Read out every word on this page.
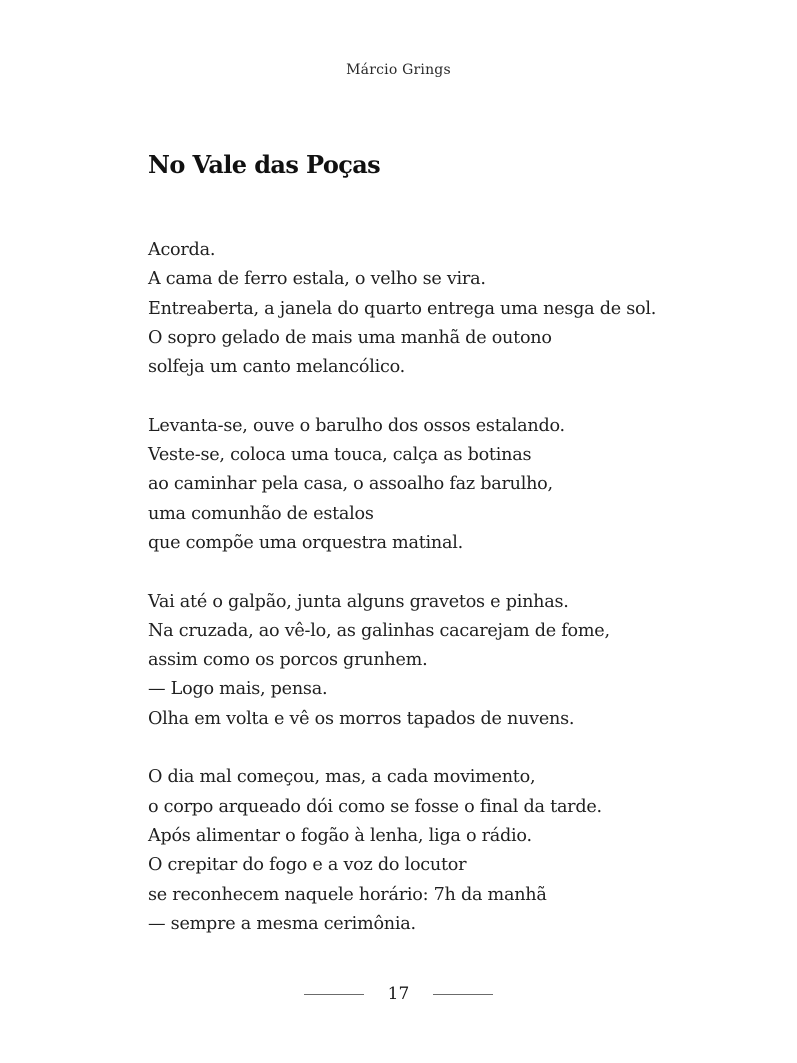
Márcio Grings
No Vale das Poças
Acorda.
A cama de ferro estala, o velho se vira.
Entreaberta, a janela do quarto entrega uma nesga de sol.
O sopro gelado de mais uma manhã de outono
solfeja um canto melancólico.
Levanta-se, ouve o barulho dos ossos estalando.
Veste-se, coloca uma touca, calça as botinas
ao caminhar pela casa, o assoalho faz barulho,
uma comunhão de estalos
que compõe uma orquestra matinal.
Vai até o galpão, junta alguns gravetos e pinhas.
Na cruzada, ao vê-lo, as galinhas cacarejam de fome,
assim como os porcos grunhem.
— Logo mais, pensa.
Olha em volta e vê os morros tapados de nuvens.
O dia mal começou, mas, a cada movimento,
o corpo arqueado dói como se fosse o final da tarde.
Após alimentar o fogão à lenha, liga o rádio.
O crepitar do fogo e a voz do locutor
se reconhecem naquele horário: 7h da manhã
— sempre a mesma cerimônia.
17
